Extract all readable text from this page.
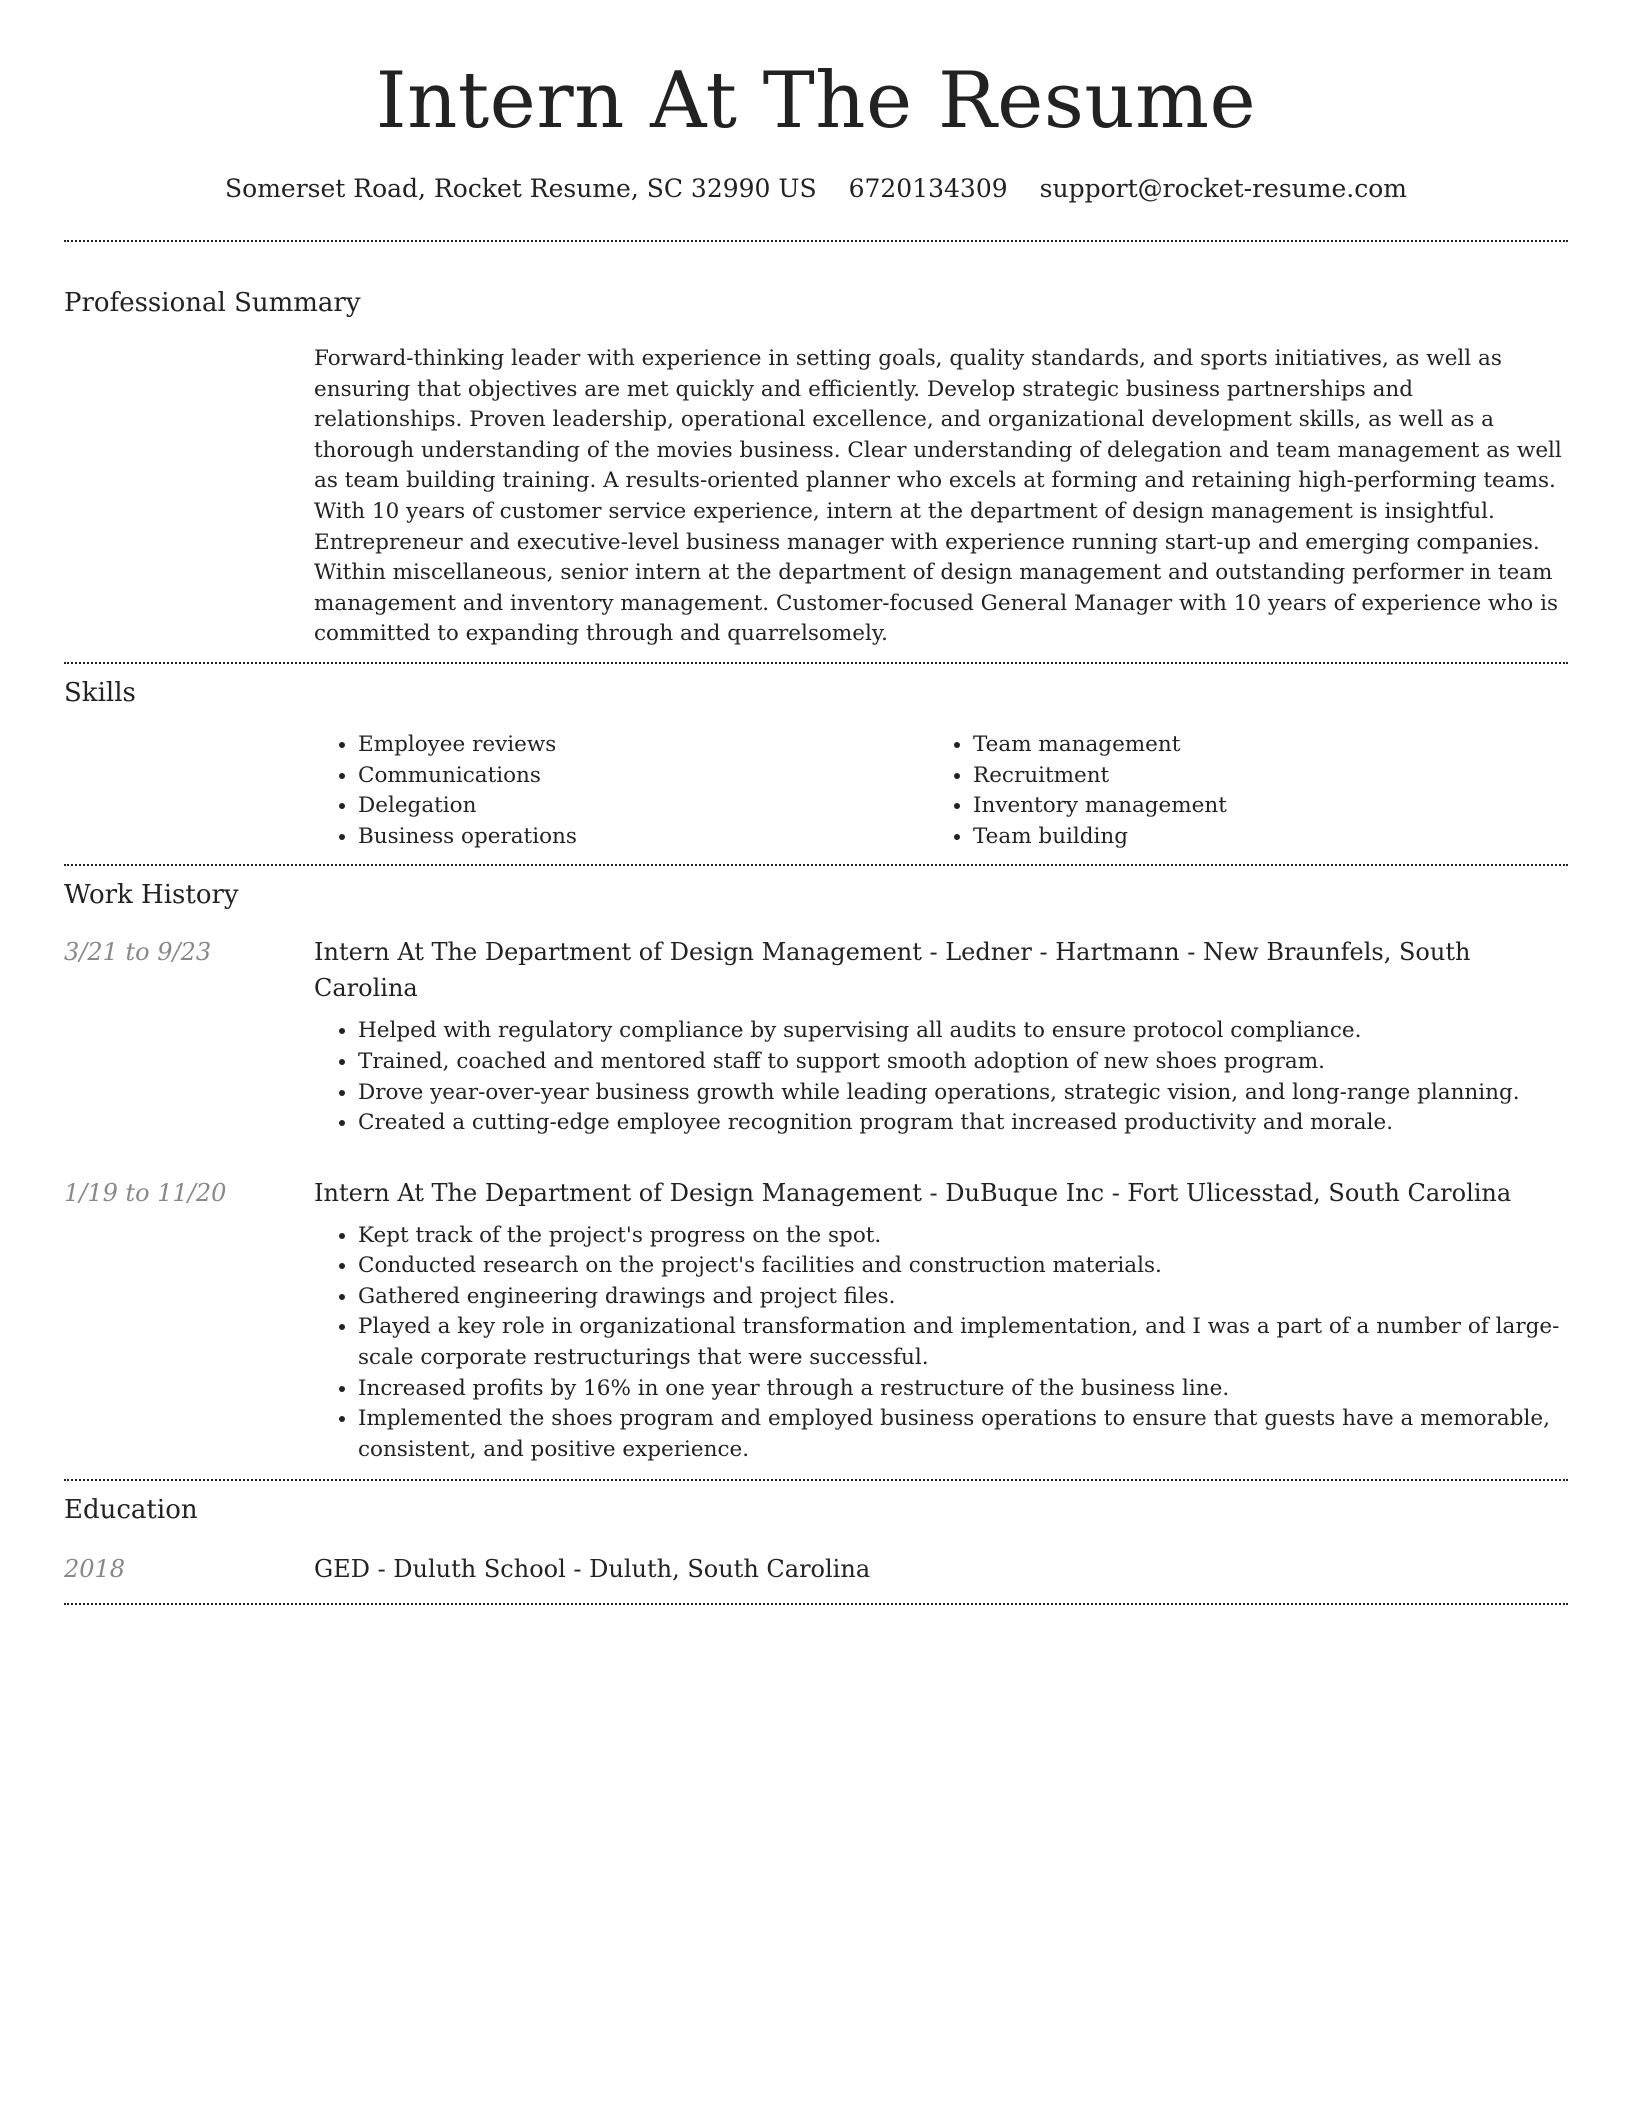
Intern At The Resume
Somerset Road, Rocket Resume, SC 32990 US 6720134309 support@rocket-resume.com
Professional Summary

Forward-thinking leader with experience in setting goals, quality standards, and sports initiatives, as well as ensuring that objectives are met quickly and efficiently. Develop strategic business partnerships and relationships. Proven leadership, operational excellence, and organizational development skills, as well as a thorough understanding of the movies business. Clear understanding of delegation and team management as well as team building training. A results-oriented planner who excels at forming and retaining high-performing teams. With 10 years of customer service experience, intern at the department of design management is insightful. Entrepreneur and executive-level business manager with experience running start-up and emerging companies. Within miscellaneous, senior intern at the department of design management and outstanding performer in team management and inventory management. Customer-focused General Manager with 10 years of experience who is committed to expanding through and quarrelsomely.

Skills
• Employee reviews
• Communications
• Delegation
• Business operations
• Team management
• Recruitment
• Inventory management
• Team building
Work History
3/21 to 9/23	Intern At The Department of Design Management - Ledner - Hartmann - New Braunfels, South Carolina
• Helped with regulatory compliance by supervising all audits to ensure protocol compliance.
• Trained, coached and mentored staff to support smooth adoption of new shoes program.
• Drove year-over-year business growth while leading operations, strategic vision, and long-range planning.
• Created a cutting-edge employee recognition program that increased productivity and morale.
1/19 to 11/20	Intern At The Department of Design Management - DuBuque Inc - Fort Ulicesstad, South Carolina
• Kept track of the project's progress on the spot.
• Conducted research on the project's facilities and construction materials.
• Gathered engineering drawings and project files.
• Played a key role in organizational transformation and implementation, and I was a part of a number of large-scale corporate restructurings that were successful.
• Increased profits by 16% in one year through a restructure of the business line.
• Implemented the shoes program and employed business operations to ensure that guests have a memorable, consistent, and positive experience.
Education
2018	GED - Duluth School - Duluth, South Carolina
